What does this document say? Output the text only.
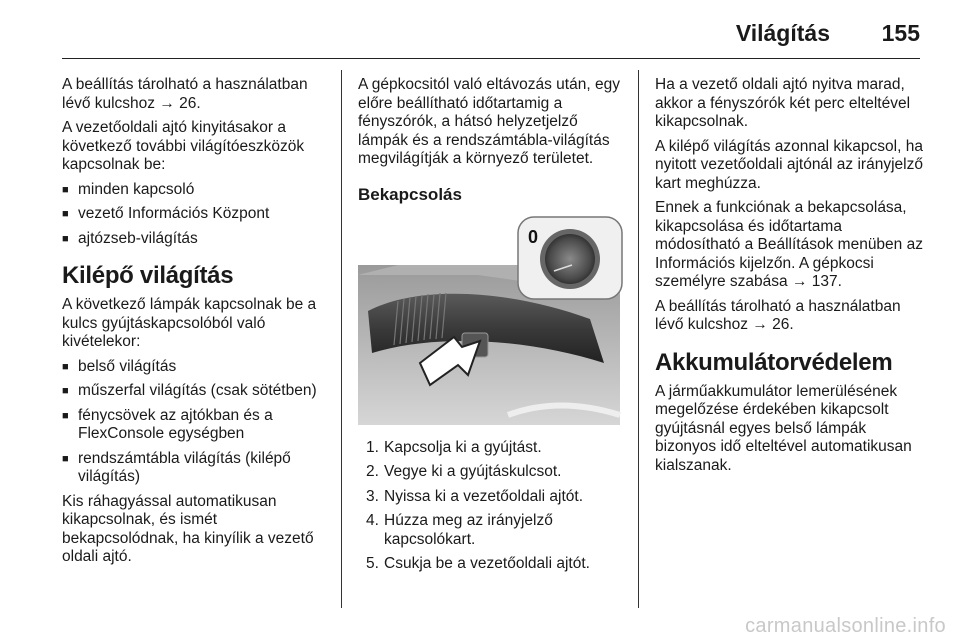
Világítás 155

A beállítás tárolható a használatban lévő kulcshoz → 26.

A vezetőoldali ajtó kinyitásakor a következő további világítóeszközök kapcsolnak be:

■ minden kapcsoló
■ vezető Információs Központ
■ ajtózseb-világítás
Kilépő világítás

A következő lámpák kapcsolnak be a kulcs gyújtáskapcsolóból való kivételekor:

■ belső világítás
■ műszerfal világítás (csak sötétben)
■ fénycsövek az ajtókban és a FlexConsole egységben
■ rendszámtábla világítás (kilépő világítás)

Kis ráhagyással automatikusan kikapcsolnak, és ismét bekapcsolódnak, ha kinyílik a vezető oldali ajtó.

A gépkocsitól való eltávozás után, egy előre beállítható időtartamig a fényszórók, a hátsó helyzetjelző lámpák és a rendszámtábla-világítás megvilágítják a környező területet.

Bekapcsolás
0
1. Kapcsolja ki a gyújtást.
2. Vegye ki a gyújtáskulcsot.
3. Nyissa ki a vezetőoldali ajtót.
4. Húzza meg az irányjelző kapcsolókart.
5. Csukja be a vezetőoldali ajtót.

Ha a vezető oldali ajtó nyitva marad, akkor a fényszórók két perc elteltével kikapcsolnak.

A kilépő világítás azonnal kikapcsol, ha nyitott vezetőoldali ajtónál az irányjelző kart meghúzza.

Ennek a funkciónak a bekapcsolása, kikapcsolása és időtartama módosítható a Beállítások menüben az Információs kijelzőn. A gépkocsi személyre szabása → 137.

A beállítás tárolható a használatban lévő kulcshoz → 26.

Akkumulátorvédelem

A járműakkumulátor lemerülésének megelőzése érdekében kikapcsolt gyújtásnál egyes belső lámpák bizonyos idő elteltével automatikusan kialszanak.

carmanualsonline.info
